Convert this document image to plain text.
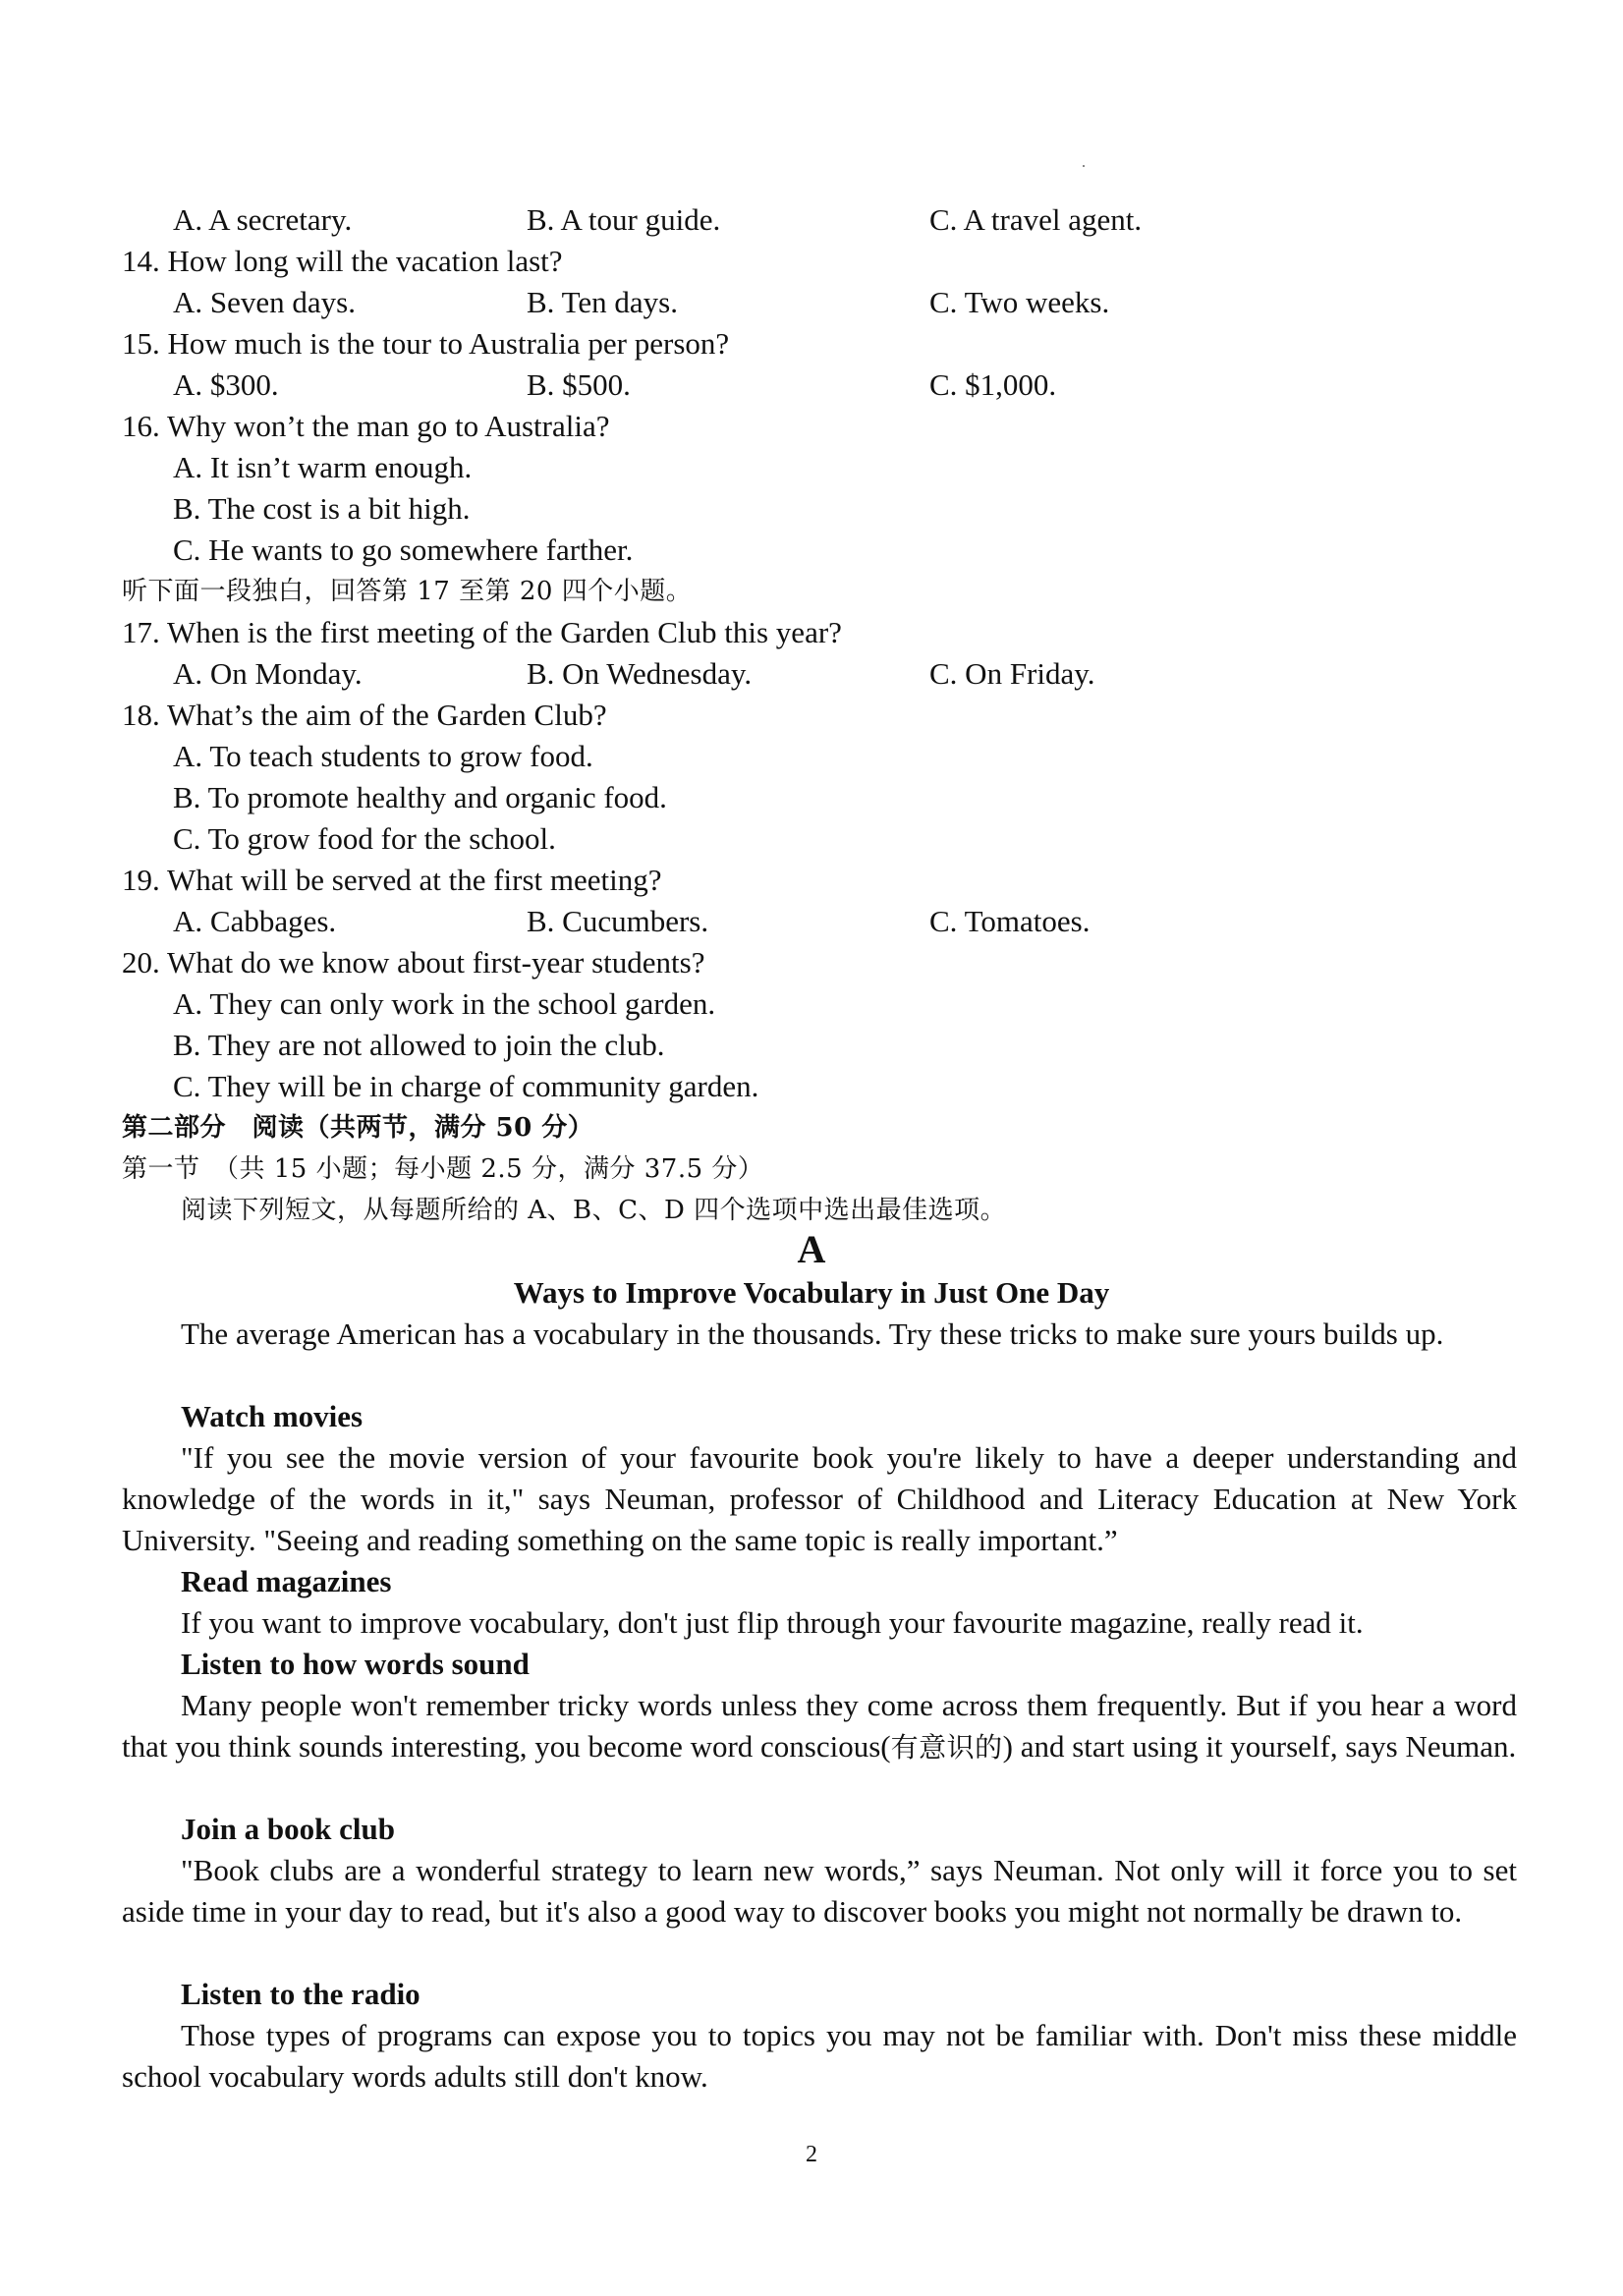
A. A secretary.	B. A tour guide.	C. A travel agent.
14. How long will the vacation last?
A. Seven days.	B. Ten days.	C. Two weeks.
15. How much is the tour to Australia per person?
A. $300.	B. $500.	C. $1,000.
16. Why won’t the man go to Australia?
A. It isn’t warm enough.
B. The cost is a bit high.
C. He wants to go somewhere farther.
听下面一段独白，回答第 17 至第 20 四个小题。
17. When is the first meeting of the Garden Club this year?
A. On Monday.	B. On Wednesday.	C. On Friday.
18. What’s the aim of the Garden Club?
A. To teach students to grow food.
B. To promote healthy and organic food.
C. To grow food for the school.
19. What will be served at the first meeting?
A. Cabbages.	B. Cucumbers.	C. Tomatoes.
20. What do we know about first-year students?
A. They can only work in the school garden.
B. They are not allowed to join the club.
C. They will be in charge of community garden.
第二部分　阅读（共两节，满分 50 分）
第一节　（共 15 小题；每小题 2.5 分，满分 37.5 分）
阅读下列短文，从每题所给的 A、B、C、D 四个选项中选出最佳选项。
A
Ways to Improve Vocabulary in Just One Day
The average American has a vocabulary in the thousands. Try these tricks to make sure yours builds up.
Watch movies
"If you see the movie version of your favourite book you're likely to have a deeper understanding and knowledge of the words in it," says Neuman, professor of Childhood and Literacy Education at New York University. "Seeing and reading something on the same topic is really important.”
Read magazines
If you want to improve vocabulary, don't just flip through your favourite magazine, really read it.
Listen to how words sound
Many people won't remember tricky words unless they come across them frequently. But if you hear a word that you think sounds interesting, you become word conscious(有意识的) and start using it yourself, says Neuman.
Join a book club
"Book clubs are a wonderful strategy to learn new words,” says Neuman. Not only will it force you to set aside time in your day to read, but it's also a good way to discover books you might not normally be drawn to.
Listen to the radio
Those types of programs can expose you to topics you may not be familiar with. Don't miss these middle school vocabulary words adults still don't know.
2
